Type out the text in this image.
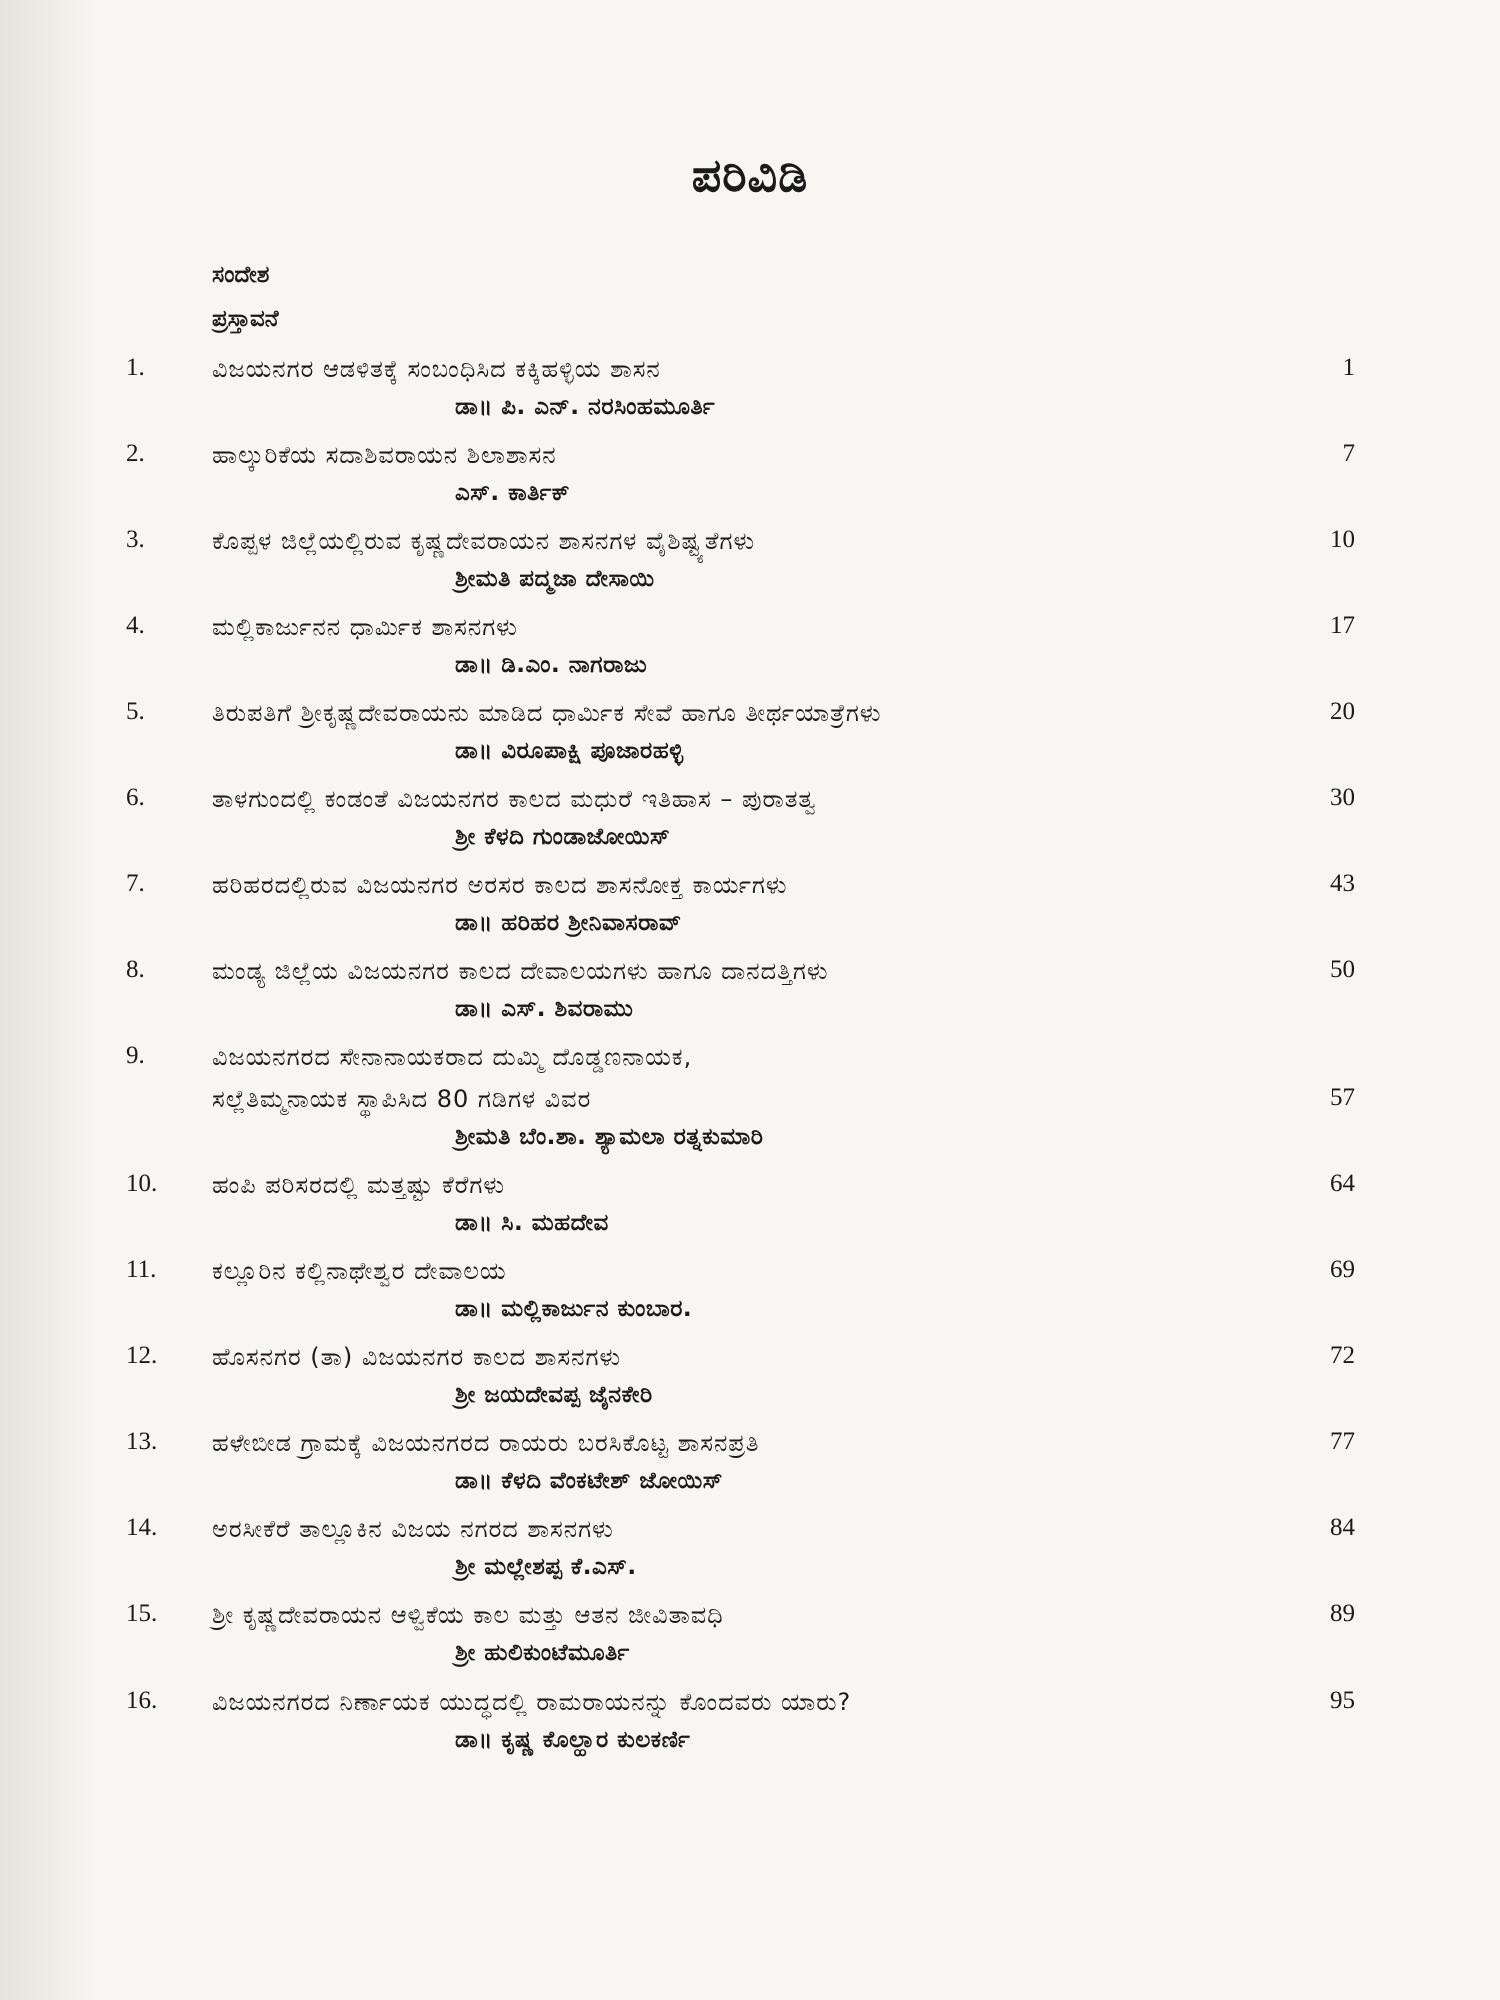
ಪರಿವಿಡಿ
ಸಂದೇಶ
ಪ್ರಸ್ತಾವನೆ
1.	ವಿಜಯನಗರ ಆಡಳಿತಕ್ಕೆ ಸಂಬಂಧಿಸಿದ ಕಕ್ಕಿಹಳ್ಳಿಯ ಶಾಸನ
ಡಾ॥ ಪಿ. ಎನ್. ನರಸಿಂಹಮೂರ್ತಿ
1
2.	ಹಾಲ್ಕುರಿಕೆಯ ಸದಾಶಿವರಾಯನ ಶಿಲಾಶಾಸನ
ಎಸ್. ಕಾರ್ತಿಕ್
7
3.	ಕೊಪ್ಪಳ ಜಿಲ್ಲೆಯಲ್ಲಿರುವ ಕೃಷ್ಣದೇವರಾಯನ ಶಾಸನಗಳ ವೈಶಿಷ್ಟ್ಯತೆಗಳು
ಶ್ರೀಮತಿ ಪದ್ಮಜಾ ದೇಸಾಯಿ
10
4.	ಮಲ್ಲಿಕಾರ್ಜುನನ ಧಾರ್ಮಿಕ ಶಾಸನಗಳು
ಡಾ॥ ಡಿ.ಎಂ. ನಾಗರಾಜು
17
5.	ತಿರುಪತಿಗೆ ಶ್ರೀಕೃಷ್ಣದೇವರಾಯನು ಮಾಡಿದ ಧಾರ್ಮಿಕ ಸೇವೆ ಹಾಗೂ ತೀರ್ಥಯಾತ್ರೆಗಳು
ಡಾ॥ ವಿರೂಪಾಕ್ಷಿ ಪೂಜಾರಹಳ್ಳಿ
20
6.	ತಾಳಗುಂದಲ್ಲಿ ಕಂಡಂತೆ ವಿಜಯನಗರ ಕಾಲದ ಮಧುರೆ ಇತಿಹಾಸ – ಪುರಾತತ್ವ
ಶ್ರೀ ಕೆಳದಿ ಗುಂಡಾಜೋಯಿಸ್
30
7.	ಹರಿಹರದಲ್ಲಿರುವ ವಿಜಯನಗರ ಅರಸರ ಕಾಲದ ಶಾಸನೋಕ್ತ ಕಾರ್ಯಗಳು
ಡಾ॥ ಹರಿಹರ ಶ್ರೀನಿವಾಸರಾವ್
43
8.	ಮಂಡ್ಯ ಜಿಲ್ಲೆಯ ವಿಜಯನಗರ ಕಾಲದ ದೇವಾಲಯಗಳು ಹಾಗೂ ದಾನದತ್ತಿಗಳು
ಡಾ॥ ಎಸ್. ಶಿವರಾಮು
50
9.	ವಿಜಯನಗರದ ಸೇನಾನಾಯಕರಾದ ದುಮ್ಮಿ ದೊಡ್ಡಣನಾಯಕ,
ಸಲ್ಲೆತಿಮ್ಮನಾಯಕ ಸ್ಥಾಪಿಸಿದ 80 ಗಡಿಗಳ ವಿವರ
ಶ್ರೀಮತಿ ಬೆಂ.ಶಾ. ಶ್ಯಾಮಲಾ ರತ್ನಕುಮಾರಿ
57
10. ಹಂಪಿ ಪರಿಸರದಲ್ಲಿ ಮತ್ತಷ್ಟು ಕೆರೆಗಳು
ಡಾ॥ ಸಿ. ಮಹದೇವ
64
11. ಕಲ್ಲೂರಿನ ಕಲ್ಲಿನಾಥೇಶ್ವರ ದೇವಾಲಯ
ಡಾ॥ ಮಲ್ಲಿಕಾರ್ಜುನ ಕುಂಬಾರ.
69
12. ಹೊಸನಗರ (ತಾ) ವಿಜಯನಗರ ಕಾಲದ ಶಾಸನಗಳು
ಶ್ರೀ ಜಯದೇವಪ್ಪ ಜೈನಕೇರಿ
72
13. ಹಳೇಬೀಡ ಗ್ರಾಮಕ್ಕೆ ವಿಜಯನಗರದ ರಾಯರು ಬರಸಿಕೊಟ್ಟ ಶಾಸನಪ್ರತಿ
ಡಾ॥ ಕೆಳದಿ ವೆಂಕಟೇಶ್ ಜೋಯಿಸ್
77
14. ಅರಸೀಕೆರೆ ತಾಲ್ಲೂಕಿನ ವಿಜಯ ನಗರದ ಶಾಸನಗಳು
ಶ್ರೀ ಮಲ್ಲೇಶಪ್ಪ ಕೆ.ಎಸ್.
84
15. ಶ್ರೀ ಕೃಷ್ಣದೇವರಾಯನ ಆಳ್ವಿಕೆಯ ಕಾಲ ಮತ್ತು ಆತನ ಜೀವಿತಾವಧಿ
ಶ್ರೀ ಹುಲಿಕುಂಟೆಮೂರ್ತಿ
89
16. ವಿಜಯನಗರದ ನಿರ್ಣಾಯಕ ಯುದ್ಧದಲ್ಲಿ ರಾಮರಾಯನನ್ನು ಕೊಂದವರು ಯಾರು?
ಡಾ॥ ಕೃಷ್ಣ ಕೊಲ್ಹಾರ ಕುಲಕರ್ಣಿ
95
